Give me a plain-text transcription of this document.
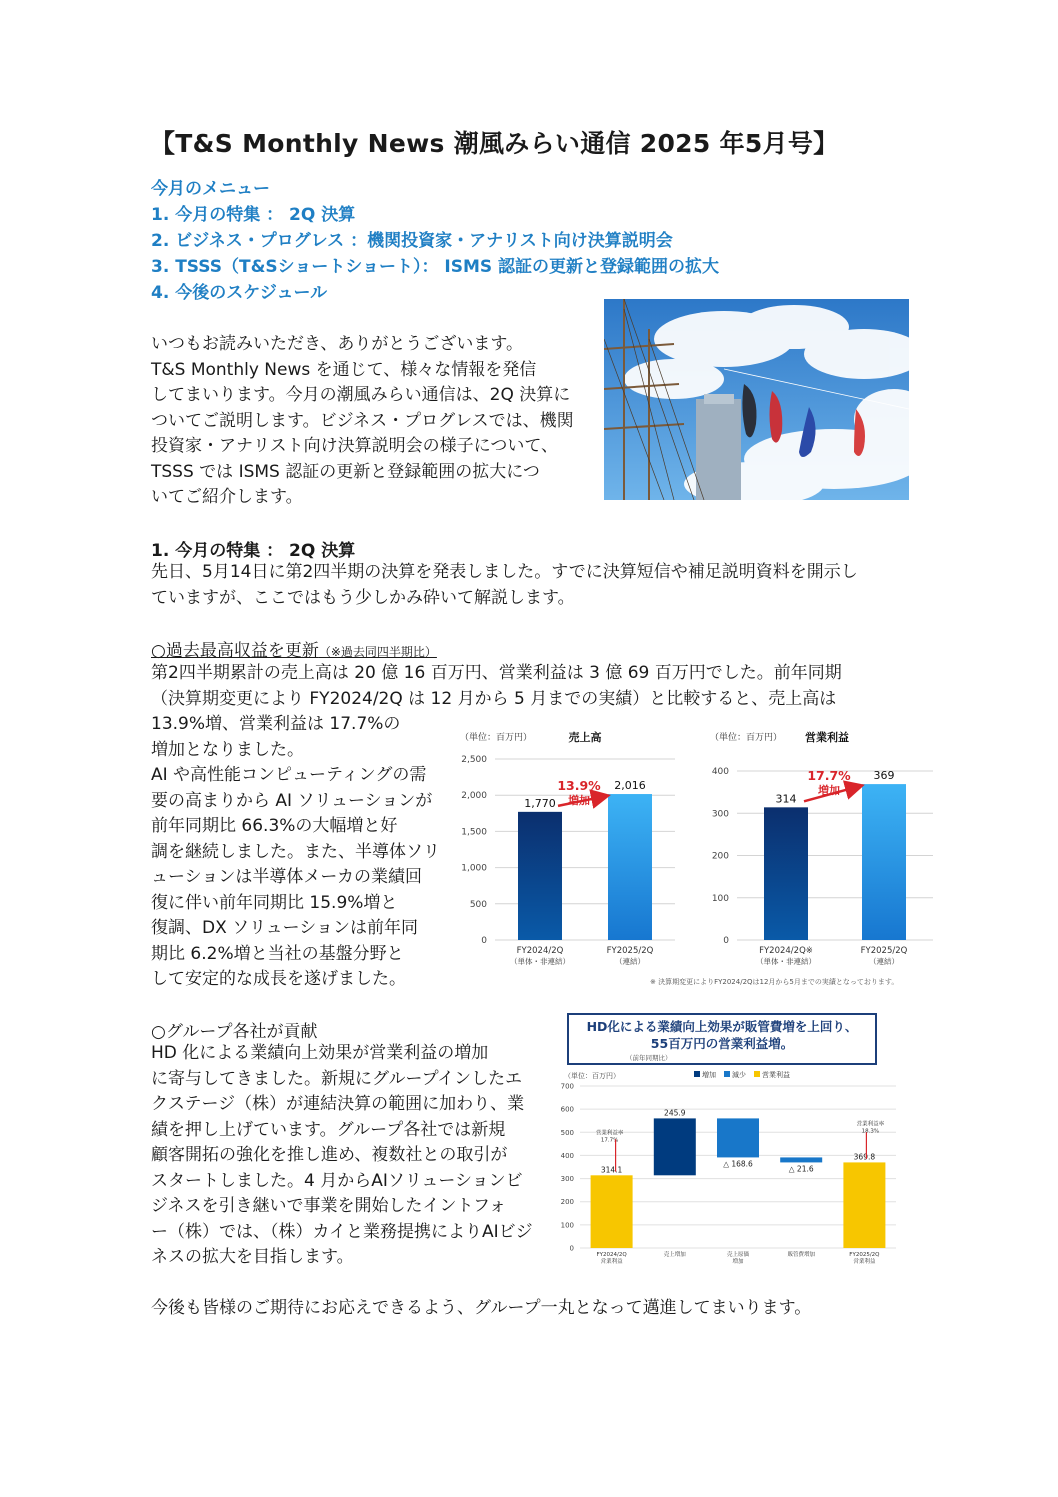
【T&S Monthly News 潮風みらい通信 2025 年5月号】
今月のメニュー
1. 今月の特集 ： 2Q 決算
2. ビジネス・プログレス ：機関投資家・アナリスト向け決算説明会
3. TSSS（T&Sショートショート）： ISMS 認証の更新と登録範囲の拡大
4. 今後のスケジュール
いつもお読みいただき、ありがとうございます。
T&S Monthly News を通じて、様々な情報を発信
してまいります。今月の潮風みらい通信は、2Q 決算に
ついてご説明します。ビジネス・プログレスでは、機関
投資家・アナリスト向け決算説明会の様子について、
TSSS では ISMS 認証の更新と登録範囲の拡大につ
いてご紹介します。
1. 今月の特集 ： 2Q 決算
先日、5月14日に第2四半期の決算を発表しました。すでに決算短信や補足説明資料を開示し
ていますが、ここではもう少しかみ砕いて解説します。
○過去最高収益を更新（※過去同四半期比）
第2四半期累計の売上高は 20 億 16 百万円、営業利益は 3 億 69 百万円でした。前年同期
（決算期変更により FY2024/2Q は 12 月から 5 月までの実績）と比較すると、売上高は
13.9%増、営業利益は 17.7%の
増加となりました。
AI や高性能コンピューティングの需
要の高まりから AI ソリューションが
前年同期比 66.3%の大幅増と好
調を継続しました。また、半導体ソリ
ューションは半導体メーカの業績回
復に伴い前年同期比 15.9%増と
復調、DX ソリューションは前年同
期比 6.2%増と当社の基盤分野と
して安定的な成長を遂げました。
（単位：百万円）	売上高
0
500
1,000
1,500
2,000
2,500
1,770
FY2024/2Q
（単体・非連結）
2,016
FY2025/2Q
（連結）
13.9%
増加
（単位：百万円） 営業利益
0
100
200
300
400
314
FY2024/2Q※
（単体・非連結）
369
FY2025/2Q
（連結）
17.7%
増加
※ 決算期変更によりFY2024/2Qは12月から5月までの実績となっております。
○グループ各社が貢献
HD 化による業績向上効果が営業利益の増加
に寄与してきました。新規にグループインしたエ
クステージ（株）が連結決算の範囲に加わり、業
績を押し上げています。グループ各社では新規
顧客開拓の強化を推し進め、複数社との取引が
スタートしました。4 月からAIソリューションビ
ジネスを引き継いで事業を開始したイントフォ
ー（株）では、（株）カイと業務提携によりAIビジ
ネスの拡大を目指します。
HD化による業績向上効果が販管費増を上回り、
55百万円の営業利益増。
（前年同期比）
（単位：百万円）	増加 減少 営業利益
0
100
200
300
400
500
600
700
314.1
FY2024/2Q
営業利益
245.9
売上増加
△ 168.6
売上原価
増加
△ 21.6
販管費増加
369.8
FY2025/2Q
営業利益
営業利益率
17.7%
営業利益率
18.3%
今後も皆様のご期待にお応えできるよう、グループ一丸となって邁進してまいります。
